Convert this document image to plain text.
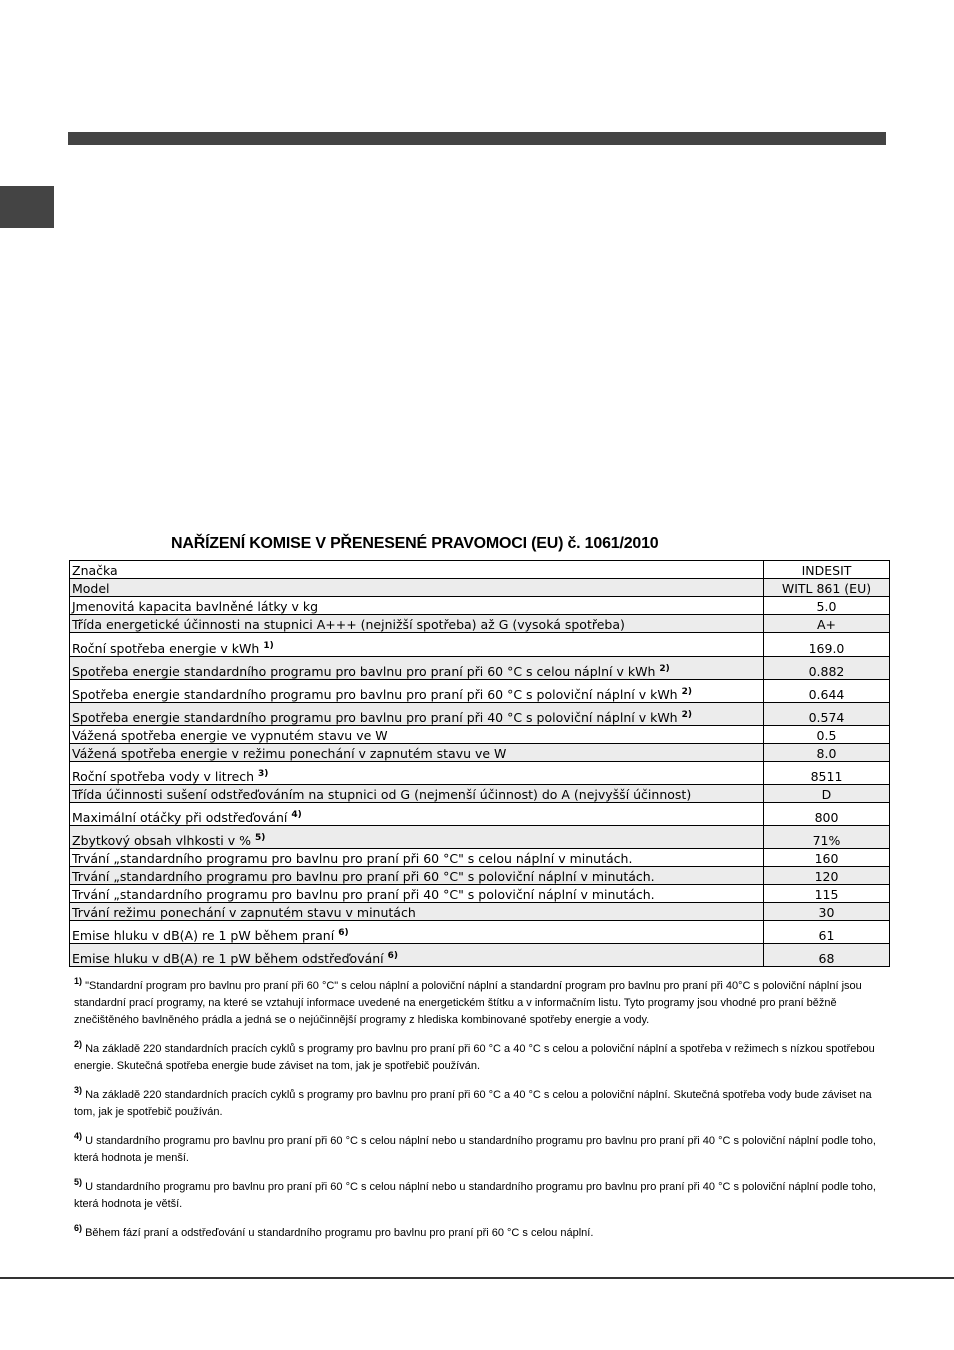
NAŘÍZENÍ KOMISE V PŘENESENÉ PRAVOMOCI (EU) č. 1061/2010
Značka	INDESIT
Model	WITL 861 (EU)
Jmenovitá kapacita bavlněné látky v kg	5.0
Třída energetické účinnosti na stupnici A+++ (nejnižší spotřeba) až G (vysoká spotřeba)	A+
Roční spotřeba energie v kWh $^{1)}$	169.0
Spotřeba energie standardního programu pro bavlnu pro praní při 60 °C s celou náplní v kWh $^{2)}$	0.882
Spotřeba energie standardního programu pro bavlnu pro praní při 60 °C s poloviční náplní v kWh $^{2)}$	0.644
Spotřeba energie standardního programu pro bavlnu pro praní při 40 °C s poloviční náplní v kWh $^{2)}$	0.574
Vážená spotřeba energie ve vypnutém stavu ve W	0.5
Vážená spotřeba energie v režimu ponechání v zapnutém stavu ve W	8.0
Roční spotřeba vody v litrech $^{3)}$	8511
Třída účinnosti sušení odstřeďováním na stupnici od G (nejmenší účinnost) do A (nejvyšší účinnost)	D
Maximální otáčky při odstřeďování $^{4)}$	800
Zbytkový obsah vlhkosti v % $^{5)}$	71%
Trvání „standardního programu pro bavlnu pro praní při 60 °C" s celou náplní v minutách.	160
Trvání „standardního programu pro bavlnu pro praní při 60 °C" s poloviční náplní v minutách.	120
Trvání „standardního programu pro bavlnu pro praní při 40 °C" s poloviční náplní v minutách.	115
Trvání režimu ponechání v zapnutém stavu v minutách	30
Emise hluku v dB(A) re 1 pW během praní $^{6)}$	61
Emise hluku v dB(A) re 1 pW během odstřeďování $^{6)}$	68

$^{1)}$ "Standardní program pro bavlnu pro praní při 60 °C" s celou náplní a poloviční náplní a standardní program pro bavlnu pro praní při 40°C s poloviční náplní jsou standardní prací programy, na které se vztahují informace uvedené na energetickém štítku a v informačním listu. Tyto programy jsou vhodné pro praní běžně znečištěného bavlněného prádla a jedná se o nejúčinnější programy z hlediska kombinované spotřeby energie a vody.

$^{2)}$ Na základě 220 standardních pracích cyklů s programy pro bavlnu pro praní při 60 °C a 40 °C s celou a poloviční náplní a spotřeba v režimech s nízkou spotřebou energie. Skutečná spotřeba energie bude záviset na tom, jak je spotřebič používán.

$^{3)}$ Na základě 220 standardních pracích cyklů s programy pro bavlnu pro praní při 60 °C a 40 °C s celou a poloviční náplní. Skutečná spotřeba vody bude záviset na tom, jak je spotřebič používán.

$^{4)}$ U standardního programu pro bavlnu pro praní při 60 °C s celou náplní nebo u standardního programu pro bavlnu pro praní při 40 °C s poloviční náplní podle toho, která hodnota je menší.

$^{5)}$ U standardního programu pro bavlnu pro praní při 60 °C s celou náplní nebo u standardního programu pro bavlnu pro praní při 40 °C s poloviční náplní podle toho, která hodnota je větší.

$^{6)}$ Během fází praní a odstřeďování u standardního programu pro bavlnu pro praní při 60 °C s celou náplní.
